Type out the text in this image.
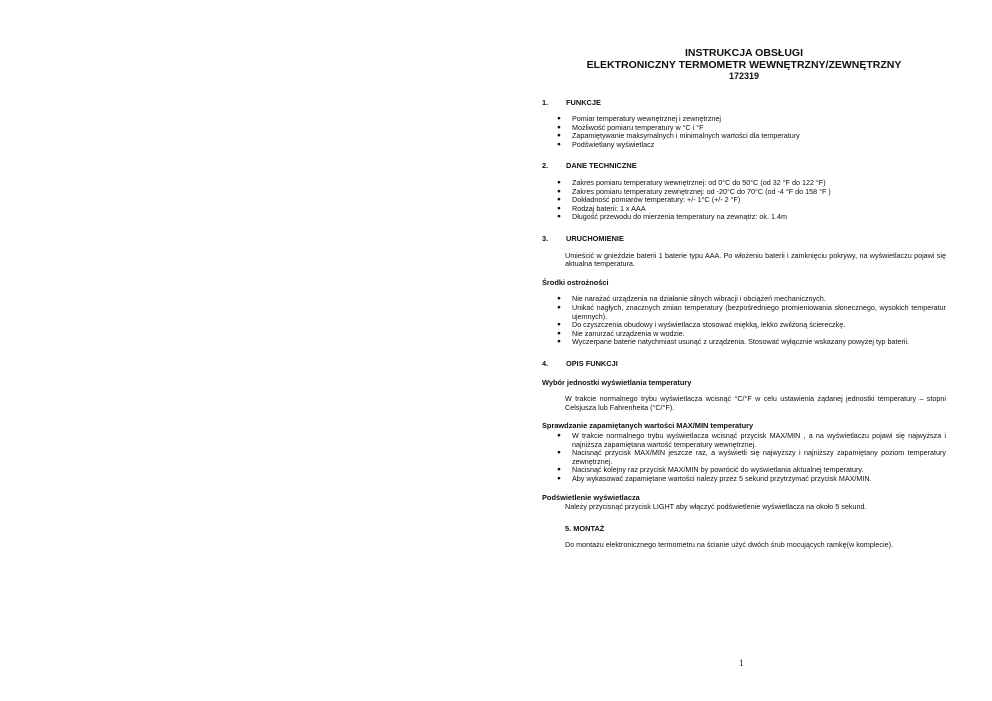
INSTRUKCJA OBSŁUGI
ELEKTRONICZNY TERMOMETR WEWNĘTRZNY/ZEWNĘTRZNY
172319
1. FUNKCJE
● Pomiar temperatury wewnętrznej i zewnętrznej
● Możliwość pomiaru temperatury w °C i °F
● Zapamiętywanie maksymalnych i minimalnych wartości dla temperatury
● Podświetlany wyświetlacz
2. DANE TECHNICZNE
● Zakres pomiaru temperatury wewnętrznej: od 0°C do 50°C (od 32 °F do 122 °F)
● Zakres pomiaru temperatury zewnętrznej: od -20°C do 70°C (od -4 °F do 158 °F )
● Dokładność pomiarów temperatury: +/- 1°C (+/- 2 °F)
● Rodzaj baterii: 1 x AAA
● Długość przewodu do mierzenia temperatury na zewnątrz: ok. 1.4m
3. URUCHOMIENIE
Umieścić w gnieździe baterii 1 baterie typu AAA. Po włożeniu baterii i zamknięciu pokrywy, na wyświetlaczu pojawi się aktualna temperatura.
Środki ostrożności
● Nie narażać urządzenia na działanie silnych wibracji i obciążeń mechanicznych.
● Unikać nagłych, znacznych zmian temperatury (bezpośredniego promieniowania słonecznego, wysokich temperatur ujemnych).
● Do czyszczenia obudowy i wyświetlacza stosować miękką, lekko zwilżoną ściereczkę.
● Nie zanurzać urządzenia w wodzie.
● Wyczerpane baterie natychmiast usunąć z urządzenia. Stosować wyłącznie wskazany powyżej typ baterii.
4. OPIS FUNKCJI
Wybór jednostki wyświetlania temperatury
W trakcie normalnego trybu wyświetlacza wcisnąć °C/°F w celu ustawienia żądanej jednostki temperatury – stopni Celsjusza lub Fahrenheita (°C/°F).
Sprawdzanie zapamiętanych wartości MAX/MIN temperatury
● W trakcie normalnego trybu wyświetlacza wcisnąć przycisk MAX/MIN , a na wyświetlaczu pojawi się najwyższa i najniższa zapamiętana wartość temperatury wewnętrznej.
● Nacisnąć przycisk MAX/MIN jeszcze raz, a wyświetli się najwyższy i najniższy zapamiętany poziom temperatury zewnętrznej.
● Nacisnąć kolejny raz przycisk MAX/MIN by powrócić do wyświetlania aktualnej temperatury.
● Aby wykasować zapamiętane wartości należy przez 5 sekund przytrzymać przycisk MAX/MIN.
Podświetlenie wyświetlacza
Należy przycisnąć przycisk LIGHT aby włączyć podświetlenie wyświetlacza na około 5 sekund.
5. MONTAŻ
Do montażu elektronicznego termometru na ścianie użyć dwóch śrub mocujących ramkę(w komplecie).
1
